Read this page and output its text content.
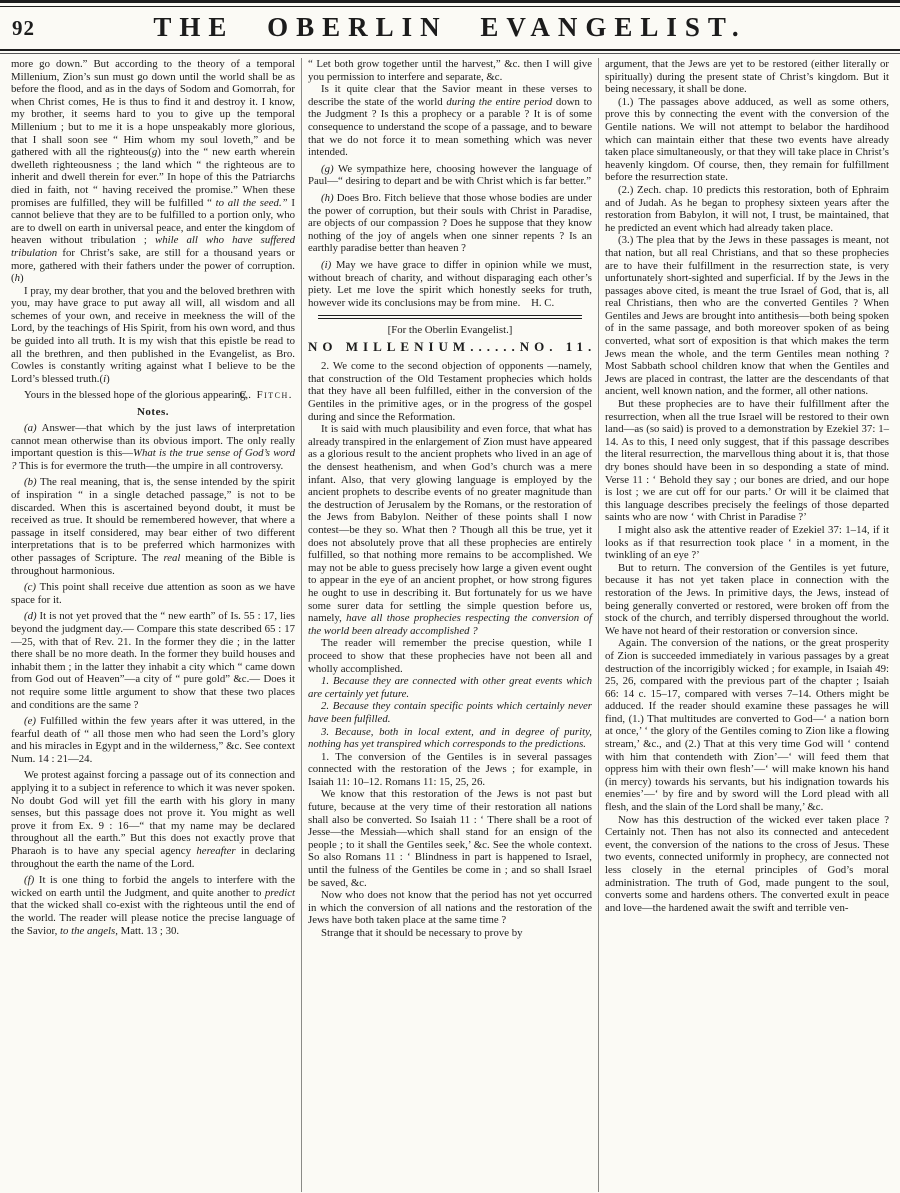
92	THE OBERLIN EVANGELIST.

more go down.” But according to the theory of a temporal Millenium, Zion’s sun must go down until the world shall be as before the flood, and as in the days of Sodom and Gomorrah, for when Christ comes, He is thus to find it and destroy it. I know, my brother, it seems hard to you to give up the temporal Millenium ; but to me it is a hope unspeakably more glorious, that I shall soon see “ Him whom my soul loveth,” and be gathered with all the righteous(g) into the “ new earth wherein dwelleth righteousness ; the land which “ the righteous are to inherit and dwell therein for ever.” In hope of this the Patriarchs died in faith, not “ having received the promise.” When these promises are fulfilled, they will be fulfilled “ to all the seed.” I cannot believe that they are to be fulfilled to a portion only, who are to dwell on earth in universal peace, and enter the kingdom of heaven without tribulation ; while all who have suffered tribulation for Christ’s sake, are still for a thousand years or more, gathered with their fathers under the power of corruption.(h)

I pray, my dear brother, that you and the beloved brethren with you, may have grace to put away all will, all wisdom and all schemes of your own, and receive in meekness the will of the Lord, by the teachings of His Spirit, from his own word, and thus be guided into all truth. It is my wish that this epistle be read to all the brethren, and then published in the Evangelist, as Bro. Cowles is constantly writing against what I believe to be the Lord’s blessed truth.(i)

Yours in the blessed hope of the glorious appearing,
C. Fitch.

Notes.

(a) Answer—that which by the just laws of interpretation cannot mean otherwise than its obvious import. The only really important question is this—What is the true sense of God’s word ? This is for evermore the truth—the umpire in all controversy.

(b) The real meaning, that is, the sense intended by the spirit of inspiration “ in a single detached passage,” is not to be discarded. When this is ascertained beyond doubt, it must be received as true. It should be remembered however, that where a passage in itself considered, may bear either of two different interpretations that is to be preferred which harmonizes with other passages of Scripture. The real meaning of the Bible is throughout harmonious.

(c) This point shall receive due attention as soon as we have space for it.

(d) It is not yet proved that the “ new earth” of Is. 55 : 17, lies beyond the judgment day.— Compare this state described 65 : 17—25, with that of Rev. 21. In the former they die ; in the latter there shall be no more death. In the former they build houses and inhabit them ; in the latter they inhabit a city which “ came down from God out of Heaven”—a city of “ pure gold” &c.— Does it not require some little argument to show that these two places and conditions are the same ?

(e) Fulfilled within the few years after it was uttered, in the fearful death of “ all those men who had seen the Lord’s glory and his miracles in Egypt and in the wilderness,” &c. See context Num. 14 : 21—24.

We protest against forcing a passage out of its connection and applying it to a subject in reference to which it was never spoken. No doubt God will yet fill the earth with his glory in many senses, but this passage does not prove it. You might as well prove it from Ex. 9 : 16—“ that my name may be declared throughout all the earth.” But this does not exactly prove that Pharaoh is to have any special agency hereafter in declaring throughout the earth the name of the Lord.

(f) It is one thing to forbid the angels to interfere with the wicked on earth until the Judgment, and quite another to predict that the wicked shall co-exist with the righteous until the end of the world. The reader will please notice the precise language of the Savior, to the angels, Matt. 13 ; 30.

“ Let both grow together until the harvest,” &c. then I will give you permission to interfere and separate, &c.

Is it quite clear that the Savior meant in these verses to describe the state of the world during the entire period down to the Judgment ? Is this a prophecy or a parable ? It is of some consequence to understand the scope of a passage, and to beware that we do not force it to mean something which was never intended.

(g) We sympathize here, choosing however the language of Paul—“ desiring to depart and be with Christ which is far better.”

(h) Does Bro. Fitch believe that those whose bodies are under the power of corruption, but their souls with Christ in Paradise, are objects of our compassion ? Does he suppose that they know nothing of the joy of angels when one sinner repents ? Is an earthly paradise better than heaven ?

(i) May we have grace to differ in opinion while we must, without breach of charity, and without disparaging each other’s piety. Let me love the spirit which honestly seeks for truth, however wide its conclusions may be from mine. H. C.

[For the Oberlin Evangelist.]
NO MILLENIUM......NO. 11.

2. We come to the second objection of opponents —namely, that construction of the Old Testament prophecies which holds that they have all been fulfilled, either in the conversion of the Gentiles in the primitive ages, or in the progress of the gospel during and since the Reformation.

It is said with much plausibility and even force, that what has already transpired in the enlargement of Zion must have appeared as a glorious result to the ancient prophets who lived in an age of the densest heathenism, and when God’s church was a mere infant. Also, that very glowing language is employed by the ancient prophets to describe events of no greater magnitude than the destruction of Jerusalem by the Romans, or the restoration of the Jews from Babylon. Neither of these points shall I now contest—be they so. What then ? Though all this be true, yet it does not absolutely prove that all these prophecies are entirely fulfilled, so that nothing more remains to be accomplished. We may not be able to guess precisely how large a given event ought to appear in the eye of an ancient prophet, or how strong figures he ought to use in describing it. But fortunately for us we have some surer data for settling the simple question before us, namely, have all those prophecies respecting the conversion of the world been already accomplished ?

The reader will remember the precise question, while I proceed to show that these prophecies have not been all and wholly accomplished.

1. Because they are connected with other great events which are certainly yet future.

2. Because they contain specific points which certainly never have been fulfilled.

3. Because, both in local extent, and in degree of purity, nothing has yet transpired which corresponds to the predictions.

1. The conversion of the Gentiles is in several passages connected with the restoration of the Jews ; for example, in Isaiah 11: 10–12. Romans 11: 15, 25, 26.

We know that this restoration of the Jews is not past but future, because at the very time of their restoration all nations shall also be converted. So Isaiah 11 : ‘ There shall be a root of Jesse—the Messiah—which shall stand for an ensign of the people ; to it shall the Gentiles seek,’ &c. See the whole context. So also Romans 11 : ‘ Blindness in part is happened to Israel, until the fulness of the Gentiles be come in ; and so shall Israel be saved, &c.

Now who does not know that the period has not yet occurred in which the conversion of all nations and the restoration of the Jews have both taken place at the same time ?

Strange that it should be necessary to prove by

argument, that the Jews are yet to be restored (either literally or spiritually) during the present state of Christ’s kingdom. But it being necessary, it shall be done.

(1.) The passages above adduced, as well as some others, prove this by connecting the event with the conversion of the Gentile nations. We will not attempt to belabor the hardihood which can maintain either that these two events have already taken place simultaneously, or that they will take place in Christ’s heavenly kingdom. Of course, then, they remain for fulfillment before the resurrection state.

(2.) Zech. chap. 10 predicts this restoration, both of Ephraim and of Judah. As he began to prophesy sixteen years after the restoration from Babylon, it will not, I trust, be maintained, that he predicted an event which had already taken place.

(3.) The plea that by the Jews in these passages is meant, not that nation, but all real Christians, and that so these prophecies are to have their fulfillment in the resurrection state, is very unfortunately short-sighted and superficial. If by the Jews in the passages above cited, is meant the true Israel of God, that is, all real Christians, then who are the converted Gentiles ? When Gentiles and Jews are brought into antithesis—both being spoken of in the same passage, and both moreover spoken of as being converted, what sort of exposition is that which makes the term Jews mean the whole, and the term Gentiles mean nothing ? Most Sabbath school children know that when the Gentiles and Jews are placed in contrast, the latter are the descendants of that ancient, well known nation, and the former, all other nations.

But these prophecies are to have their fulfillment after the resurrection, when all the true Israel will be restored to their own land—as (so said) is proved to a demonstration by Ezekiel 37: 1–14. As to this, I need only suggest, that if this passage describes the literal resurrection, the marvellous thing about it is, that those dry bones should have been in so desponding a state of mind. Verse 11 : ‘ Behold they say ; our bones are dried, and our hope is lost ; we are cut off for our parts.’ Or will it be claimed that this language describes precisely the feelings of those departed saints who are now ‘ with Christ in Paradise ?’

I might also ask the attentive reader of Ezekiel 37: 1–14, if it looks as if that resurrection took place ‘ in a moment, in the twinkling of an eye ?’

But to return. The conversion of the Gentiles is yet future, because it has not yet taken place in connection with the restoration of the Jews. In primitive days, the Jews, instead of being generally converted or restored, were broken off from the stock of the church, and terribly dispersed throughout the world. We have not heard of their restoration or conversion since.

Again. The conversion of the nations, or the great prosperity of Zion is succeeded immediately in various passages by a great destruction of the incorrigibly wicked ; for example, in Isaiah 49: 25, 26, compared with the previous part of the chapter ; Isaiah 66: 14 c. 15–17, compared with verses 7–14. Others might be adduced. If the reader should examine these passages he will find, (1.) That multitudes are converted to God—‘ a nation born at once,’ ‘ the glory of the Gentiles coming to Zion like a flowing stream,’ &c., and (2.) That at this very time God will ‘ contend with him that contendeth with Zion’—‘ will feed them that oppress him with their own flesh’—‘ will make known his hand (in mercy) towards his servants, but his indignation towards his enemies’—‘ by fire and by sword will the Lord plead with all flesh, and the slain of the Lord shall be many,’ &c.

Now has this destruction of the wicked ever taken place ? Certainly not. Then has not also its connected and antecedent event, the conversion of the nations to the cross of Jesus. These two events, connected uniformly in prophecy, are connected not less closely in the eternal principles of God’s moral administration. The truth of God, made pungent to the soul, converts some and hardens others. The converted exult in peace and love—the hardened await the swift and terrible ven-
